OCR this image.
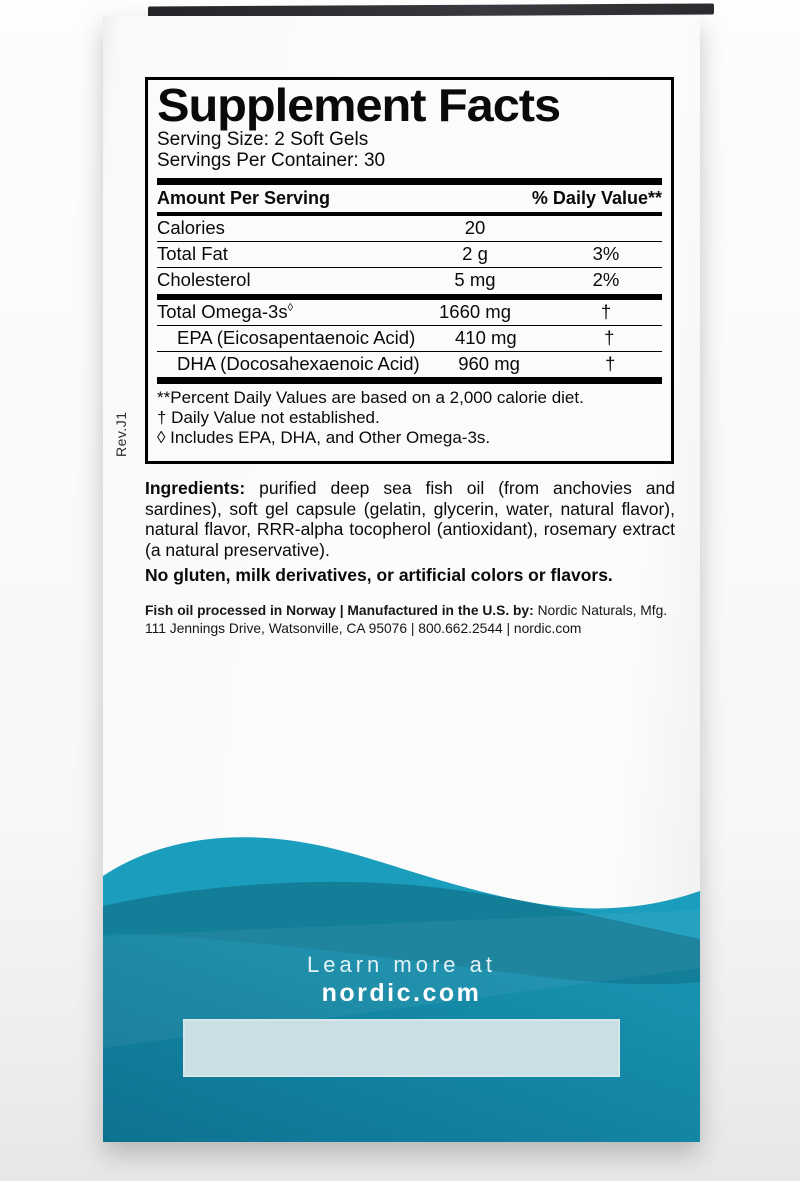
Supplement Facts
Serving Size: 2 Soft Gels
Servings Per Container: 30
Amount Per Serving	% Daily Value**
Calories	20
Total Fat	2 g	3%
Cholesterol	5 mg	2%
Total Omega-3s◊	1660 mg	†
EPA (Eicosapentaenoic Acid)	410 mg	†
DHA (Docosahexaenoic Acid)	960 mg	†
**Percent Daily Values are based on a 2,000 calorie diet.
† Daily Value not established.
◊ Includes EPA, DHA, and Other Omega-3s.
Rev.J1

Ingredients: purified deep sea fish oil (from anchovies and sardines), soft gel capsule (gelatin, glycerin, water, natural flavor), natural flavor, RRR-alpha tocopherol (antioxidant), rosemary extract (a natural preservative).

No gluten, milk derivatives, or artificial colors or flavors.

Fish oil processed in Norway | Manufactured in the U.S. by: Nordic Naturals, Mfg.
111 Jennings Drive, Watsonville, CA 95076 | 800.662.2544 | nordic.com
Learn more at
nordic.com
